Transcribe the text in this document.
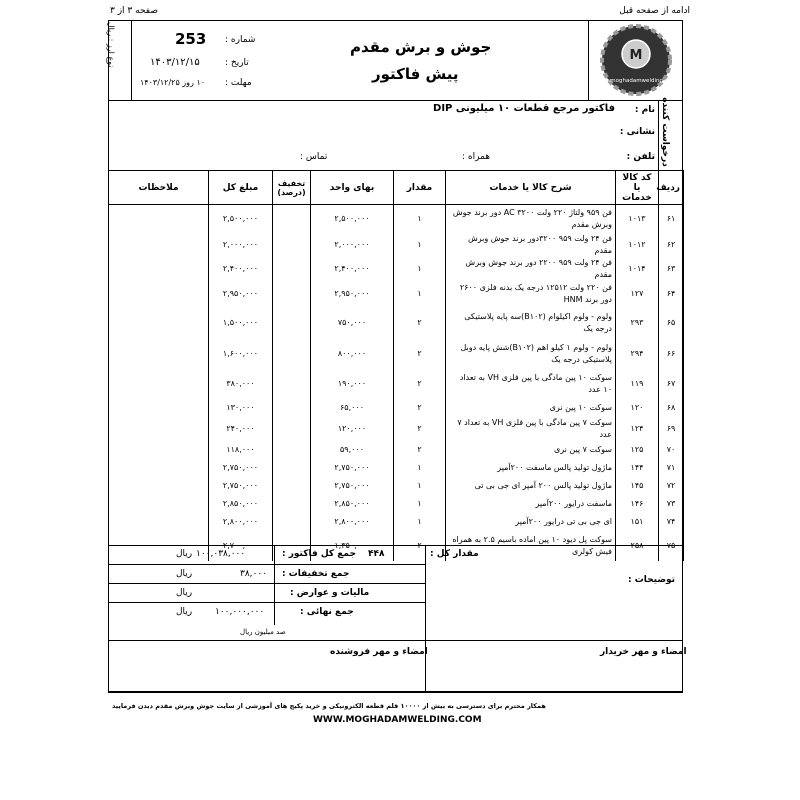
ادامه از صفحه قبل
صفحه ۳ از ۳
نوع ارز : ریال	شماره :
253
تاریخ :
۱۴۰۳/۱۲/۱۵
مهلت :
۱۰ روز ۱۴۰۳/۱۲/۲۵
جوش و برش مقدم
پیش فاکتور
M
www.moghadamwelding.com
درخواست کننده
نام :
فاکتور مرجع قطعات ۱۰ میلیونی DIP
نشانی :
تلفن :
همراه :
تماس :
ردیف	کد کالا یا خدمات	شرح کالا یا خدمات	مقدار	بهای واحد	تخفیف (درصد)	مبلغ کل	ملاحظات
۶۱	۱۰۱۳	فن ۹۵۹ ولتاژ ۲۲۰ ولت ۳۲۰۰ AC دور برند جوش وبرش مقدم	۱	۲,۵۰۰,۰۰۰		۲,۵۰۰,۰۰۰	
۶۲	۱۰۱۲	فن ۲۴ ولت ۹۵۹ ۳۲۰۰دور برند جوش وبرش مقدم	۱	۲,۰۰۰,۰۰۰		۲,۰۰۰,۰۰۰	
۶۳	۱۰۱۴	فن ۲۴ ولت ۹۵۹ ۲۲۰۰ دور برند جوش وبرش مقدم	۱	۲,۴۰۰,۰۰۰		۲,۴۰۰,۰۰۰	
۶۴	۱۲۷	فن ۲۲۰ ولت ۱۲۵۱۲ درجه یک بدنه فلزی ۲۶۰۰ دور برند HNM	۱	۲,۹۵۰,۰۰۰		۲,۹۵۰,۰۰۰	
۶۵	۲۹۳	ولوم - ولوم اکیلوام (B۱۰۲)سه پایه پلاستیکی درجه یک	۲	۷۵۰,۰۰۰		۱,۵۰۰,۰۰۰	
۶۶	۲۹۴	ولوم - ولوم ۱ کیلو اهم (B۱۰۲)شش پایه دوبل پلاستیکی درجه یک	۲	۸۰۰,۰۰۰		۱,۶۰۰,۰۰۰	
۶۷	۱۱۹	سوکت ۱۰ پین مادگی با پین فلزی VH به تعداد ۱۰ عدد	۲	۱۹۰,۰۰۰		۳۸۰,۰۰۰	
۶۸	۱۲۰	سوکت ۱۰ پین نری	۲	۶۵,۰۰۰		۱۳۰,۰۰۰	
۶۹	۱۲۴	سوکت ۷ پین مادگی با پین فلزی VH به تعداد ۷ عدد	۲	۱۲۰,۰۰۰		۲۴۰,۰۰۰	
۷۰	۱۲۵	سوکت ۷ پین نری	۲	۵۹,۰۰۰		۱۱۸,۰۰۰	
۷۱	۱۴۴	ماژول تولید پالس ماسفت ۲۰۰آمپر	۱	۲,۷۵۰,۰۰۰		۲,۷۵۰,۰۰۰	
۷۲	۱۴۵	ماژول تولید پالس ۲۰۰ آمپر ای جی بی تی	۱	۲,۷۵۰,۰۰۰		۲,۷۵۰,۰۰۰	
۷۳	۱۴۶	ماسفت درایور ۲۰۰آمپر	۱	۲,۸۵۰,۰۰۰		۲,۸۵۰,۰۰۰	
۷۴	۱۵۱	ای جی بی تی درایور ۲۰۰آمپر	۱	۲,۸۰۰,۰۰۰		۲,۸۰۰,۰۰۰	
۷۵	۲۵۸	سوکت پل دیود ۱۰ پین اماده باسیم ۲.۵ به همراه فیش کولری	۲	۱,۳۵۰,۰۰۰		۲,۷۰۰,۰۰۰	
مقدار کل :
۴۴۸
جمع کل فاکتور :
۱۰۰,۰۳۸,۰۰۰
ریال
جمع تخفیفات :
۳۸,۰۰۰
ریال
مالیات و عوارض :
ریال
جمع نهائی :
۱۰۰,۰۰۰,۰۰۰
ریال
صد میلیون ریال
توضیحات :
امضاء و مهر خریدار
امضاء و مهر فروشنده
همکار محترم برای دسترسی به بیش از ۱۰۰۰۰ قلم قطعه الکترونیکی و خرید پکیج های آموزشی از سایت جوش وبرش مقدم دیدن فرمایید
WWW.MOGHADAMWELDING.COM
